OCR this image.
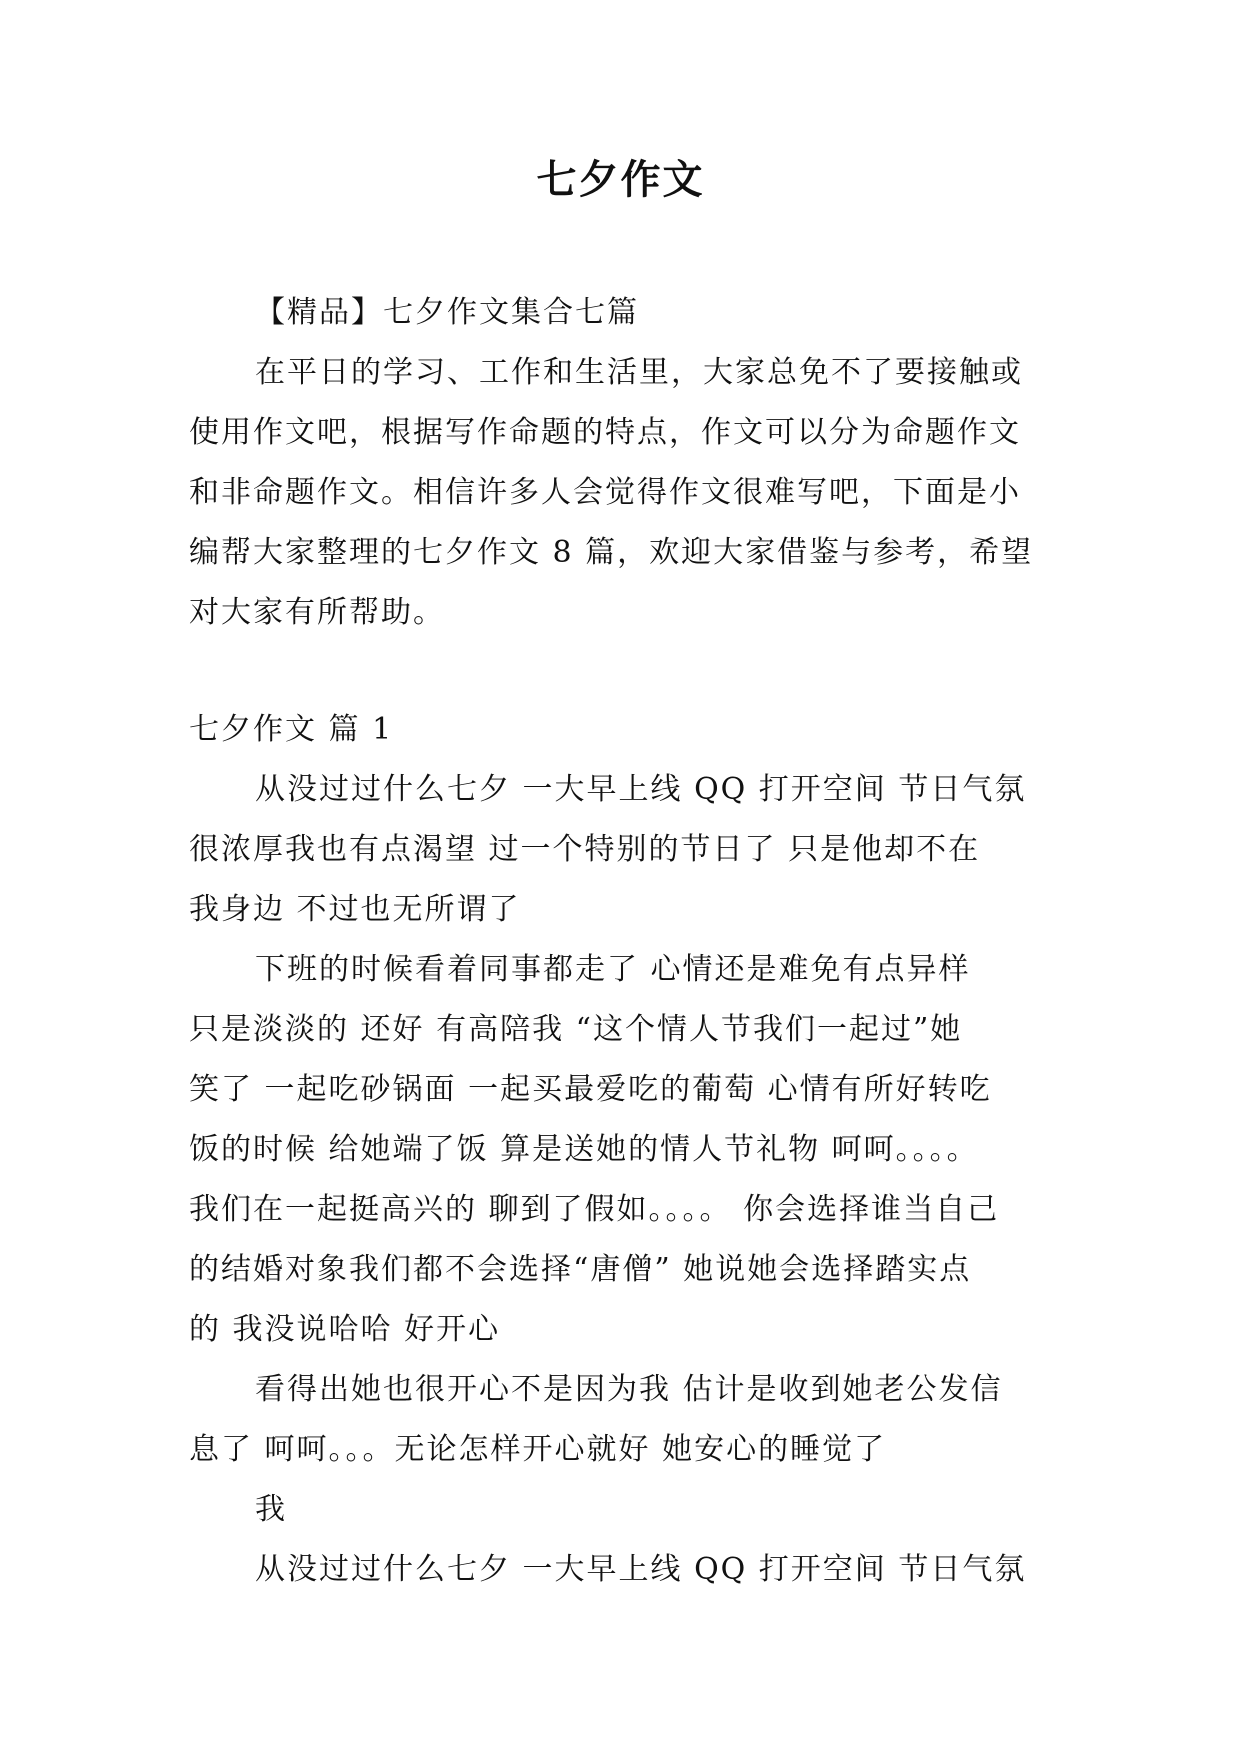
七夕作文
【精品】七夕作文集合七篇
在平日的学习、工作和生活里，大家总免不了要接触或
使用作文吧，根据写作命题的特点，作文可以分为命题作文
和非命题作文。相信许多人会觉得作文很难写吧，下面是小
编帮大家整理的七夕作文 8 篇，欢迎大家借鉴与参考，希望
对大家有所帮助。
七夕作文 篇 1
从没过过什么七夕 一大早上线 QQ 打开空间 节日气氛
很浓厚我也有点渴望 过一个特别的节日了 只是他却不在
我身边 不过也无所谓了
下班的时候看着同事都走了 心情还是难免有点异样
只是淡淡的 还好 有高陪我 “这个情人节我们一起过”她
笑了 一起吃砂锅面 一起买最爱吃的葡萄 心情有所好转吃
饭的时候 给她端了饭 算是送她的情人节礼物 呵呵。。。。
我们在一起挺高兴的 聊到了假如。。。。 你会选择谁当自己
的结婚对象我们都不会选择“唐僧” 她说她会选择踏实点
的 我没说哈哈 好开心
看得出她也很开心不是因为我 估计是收到她老公发信
息了 呵呵。。。无论怎样开心就好 她安心的睡觉了
我
从没过过什么七夕 一大早上线 QQ 打开空间 节日气氛
